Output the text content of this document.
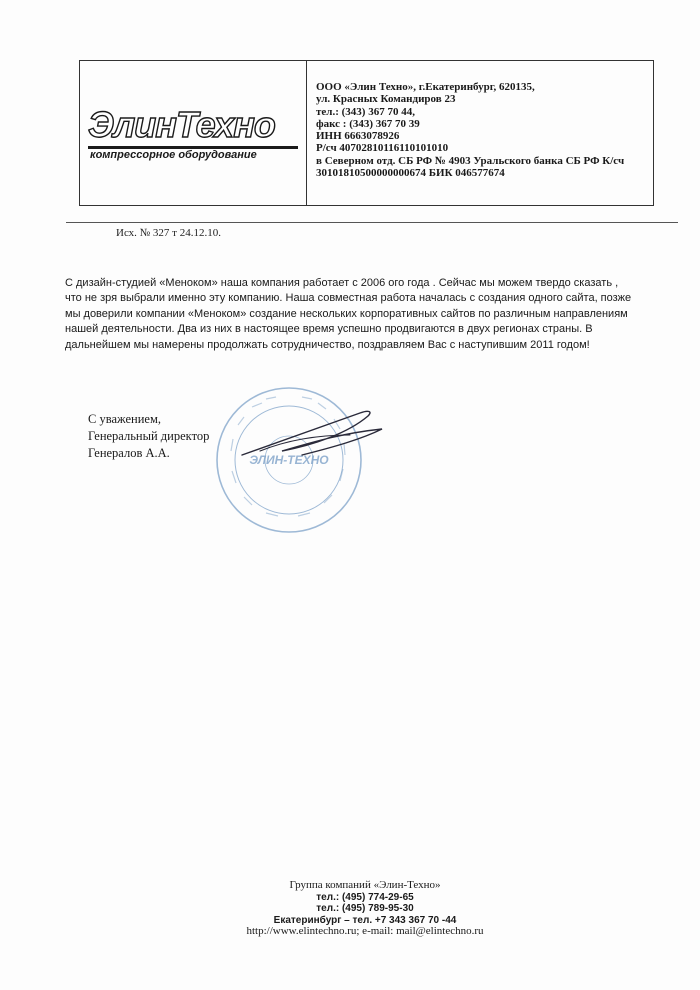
ЭлинТехно
компрессорное оборудование
ООО «Элин Техно», г.Екатеринбург, 620135,
ул. Красных Командиров 23
тел.: (343) 367 70 44,
факс : (343) 367 70 39
ИНН 6663078926
Р/сч 40702810116110101010
в Северном отд. СБ РФ № 4903 Уральского банка СБ РФ К/сч
30101810500000000674 БИК 046577674
Исх. № 327 т 24.12.10.
С дизайн-студией «Меноком» наша компания работает с 2006 ого года . Сейчас мы можем твердо сказать ,
что не зря выбрали именно эту компанию. Наша совместная работа началась с создания одного сайта, позже
мы доверили компании «Меноком» создание нескольких корпоративных сайтов по различным направлениям
нашей деятельности. Два из них в настоящее время успешно продвигаются в двух регионах страны. В
дальнейшем мы намерены продолжать сотрудничество, поздравляем Вас с наступившим 2011 годом!
С уважением,
Генеральный директор
Генералов А.А.	ЭЛИН-ТЕХНО
Группа компаний «Элин-Техно»
тел.: (495) 774-29-65
тел.: (495) 789-95-30
Екатеринбург – тел. +7 343 367 70 -44
http://www.elintechno.ru; e-mail: mail@elintechno.ru
